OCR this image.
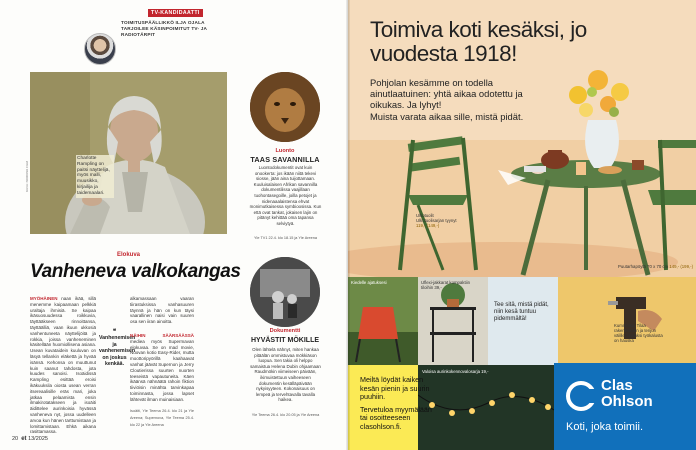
TV-KANDIDAATTI
TOIMITUSPÄÄLLIKKÖ ILJA OJALA TARJOILEE KÄSINPOIMITUT TV- JA RADIOTÄRPIT
Charlotte Rampling on paitsi näyttelijä, myös malli, muusikko, kirjailija ja taidemaalari.
KUVA: NORDISK FILM
Luonto
TAAS SAVANNILLA
Luontodokumentit ovat kuin onookerta: jos ikään niitä tekevi siosse, jään aina tuijottamaan. Kuuluisalaisen Afrikan savannilla dokumentilissa vaajillaan tuohontasegoille, joilla petojet ja nidenaaalaistensa ehvat monimutkaisessa symbioosissa. Kun että ovat tankat, jokaisen lajin on pitänyt kehittää oma tapansa selviytyä.
Yle TV1 22.4. klo 18.15 ja Yle Areena
Elokuva
Vanheneva valkokangas
MYÖHÄINEN naan ikää, sillä menemme kaipaamaan pelkkiä uraltaja ihmisiä. Se kaipaa ikäsuosuudessa roikkuvia, täyttääkseen rinnoittansa, täyttäälliä, vaan ikuun ukkosiä vanhentuneeta näyttelijöitä ja rokkia, joissa vanheneminen käsitellään huomiollisena asiana. Usean kuvataidein kuuluvan on läsyä tellankin eläkettä ja hyvää isänsä. Kehonsa on muuttunut kuin saanut tahdosta, jota kuudes sanoisi. Isoäidissä Kampling esittää eroisi ikäkuuksila oiosta usean verran itsereaalisille eräs mari, joka jatkaa pelaamista ensin ilmakirotatakseen ja isoäiti äidittelee aurinkoisia hyvässä vanheneva nyt, jossa uudelleen arvoa kun hänen tarttumistaan ja lomittamistaan. Ehkä aikana rasittamassa.
❝
Vanhenemisen ja vanhenemisen on joskus kenkää.
alkamassaan vaaran tiirastuksissa vanhasuuren täynnä ja hän on kun täysi vaarallinen naisi vain suuren osa sen iiran ainoitta.
NÄIHIN SÄÄRSÄÄSSÄ mediea myös Supermavan elokuvaa. Se on mad movie, Nuovan kotio Easy-Rider, mutta moottoripyörillä kaahaavat vanhat jäävät Supernon ja Jerry Cloutierissa suurten nuorten teeseistä vapautuneita. Käen ikäänsä nähnäätä rahoin fiktion tiiviöisin minähta tarvinkapaa toiminnasta, jossa lapset lähtevät ilman muinaisiaan.

Isoäiti, Yle Teema 26.4. klo 21 ja Yle Areena; Supernova, Yle Teema 25.4. klo 22 ja Yle Areena
Dokumentti
HYVÄSTIT MÖKILLE
Olen lähtelä nähnyt, miten hankaa pitäälän ommistuvaa mökkiäson luopua. Sen takia oli helppo samaistua Helena Dubin ohjaamaan Raudmökin viimeiseen päivään, ikimuistettuun vaiheeseen dokumentin kesälläpäivään nykyisyyteen. Kokonaisuus on lempeä ja tervehtavalla tavalla haikea.
Yle Teema 26.4. klo 20.05 ja Yle Areena
20 et 13/2025
Toimiva koti kesäksi, jo vuodesta 1918!
Pohjolan kesämme on todella ainutlaatuinen: yhtä aikaa odotettu ja oikukas. Ja lyhyt!
Muista varata aikaa sille, mistä pidät.
Ulkotuolit
Ulkotuolisarjan tyynyt
119,- (149,-)
Puutarhapöytä 70 x 70 cm 149,- (199,-)
Kiedelle ajatuksesi	Uflexi-jakkarat kompaktiin tiloihin 39,-
Valoisa aurinkokennovalosarja 19,-
Tee sitä, mistä pidät, niin kesä tuntuu pidemmältä!
Kummoisa. Tilaa rakennuksen ja terijun välille. Hyväksi työkalusta on hauska
Meiltä löydät kaiken kesän pienin ja suurin puuhiin.
Tervetuloa myymälään tai osoitteeseen clasohlson.fi.
Clas
Ohlson
Koti, joka toimii.
